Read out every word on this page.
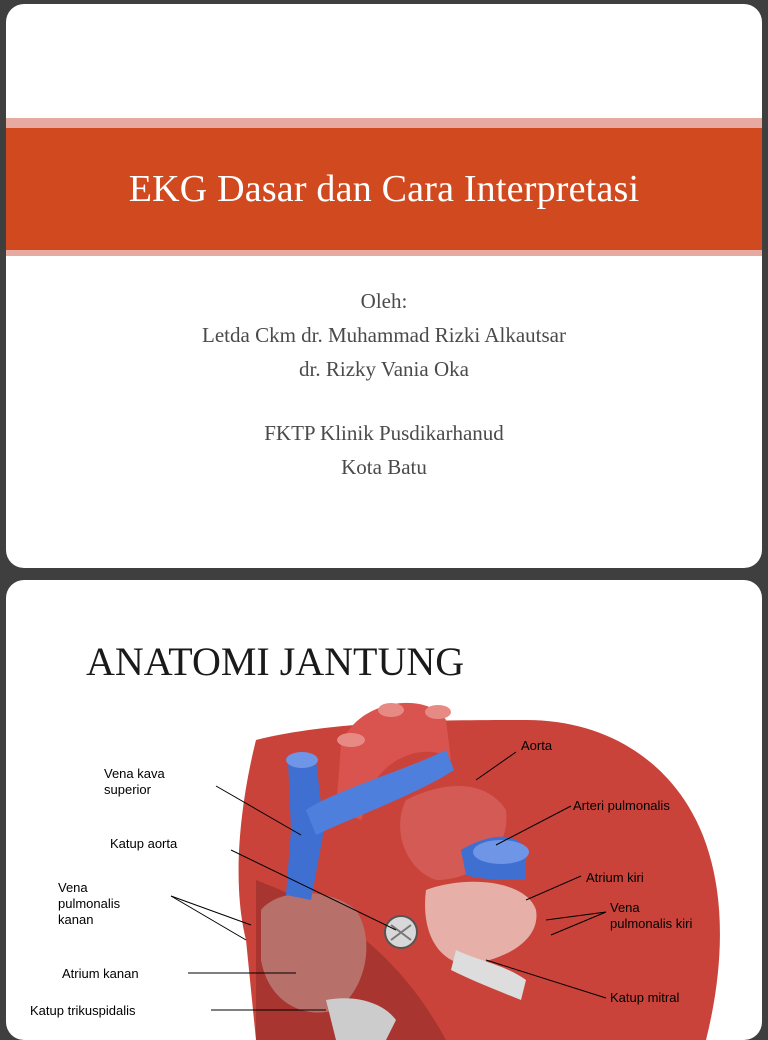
EKG Dasar dan Cara Interpretasi
Oleh:
Letda Ckm dr. Muhammad Rizki Alkautsar
dr. Rizky Vania Oka
FKTP Klinik Pusdikarhanud
Kota Batu
ANATOMI JANTUNG
Aorta
Vena kava
superior
Arteri pulmonalis
Katup aorta
Atrium kiri
Vena
pulmonalis
kanan
Vena
pulmonalis kiri
Atrium kanan
Katup mitral
Katup trikuspidalis
